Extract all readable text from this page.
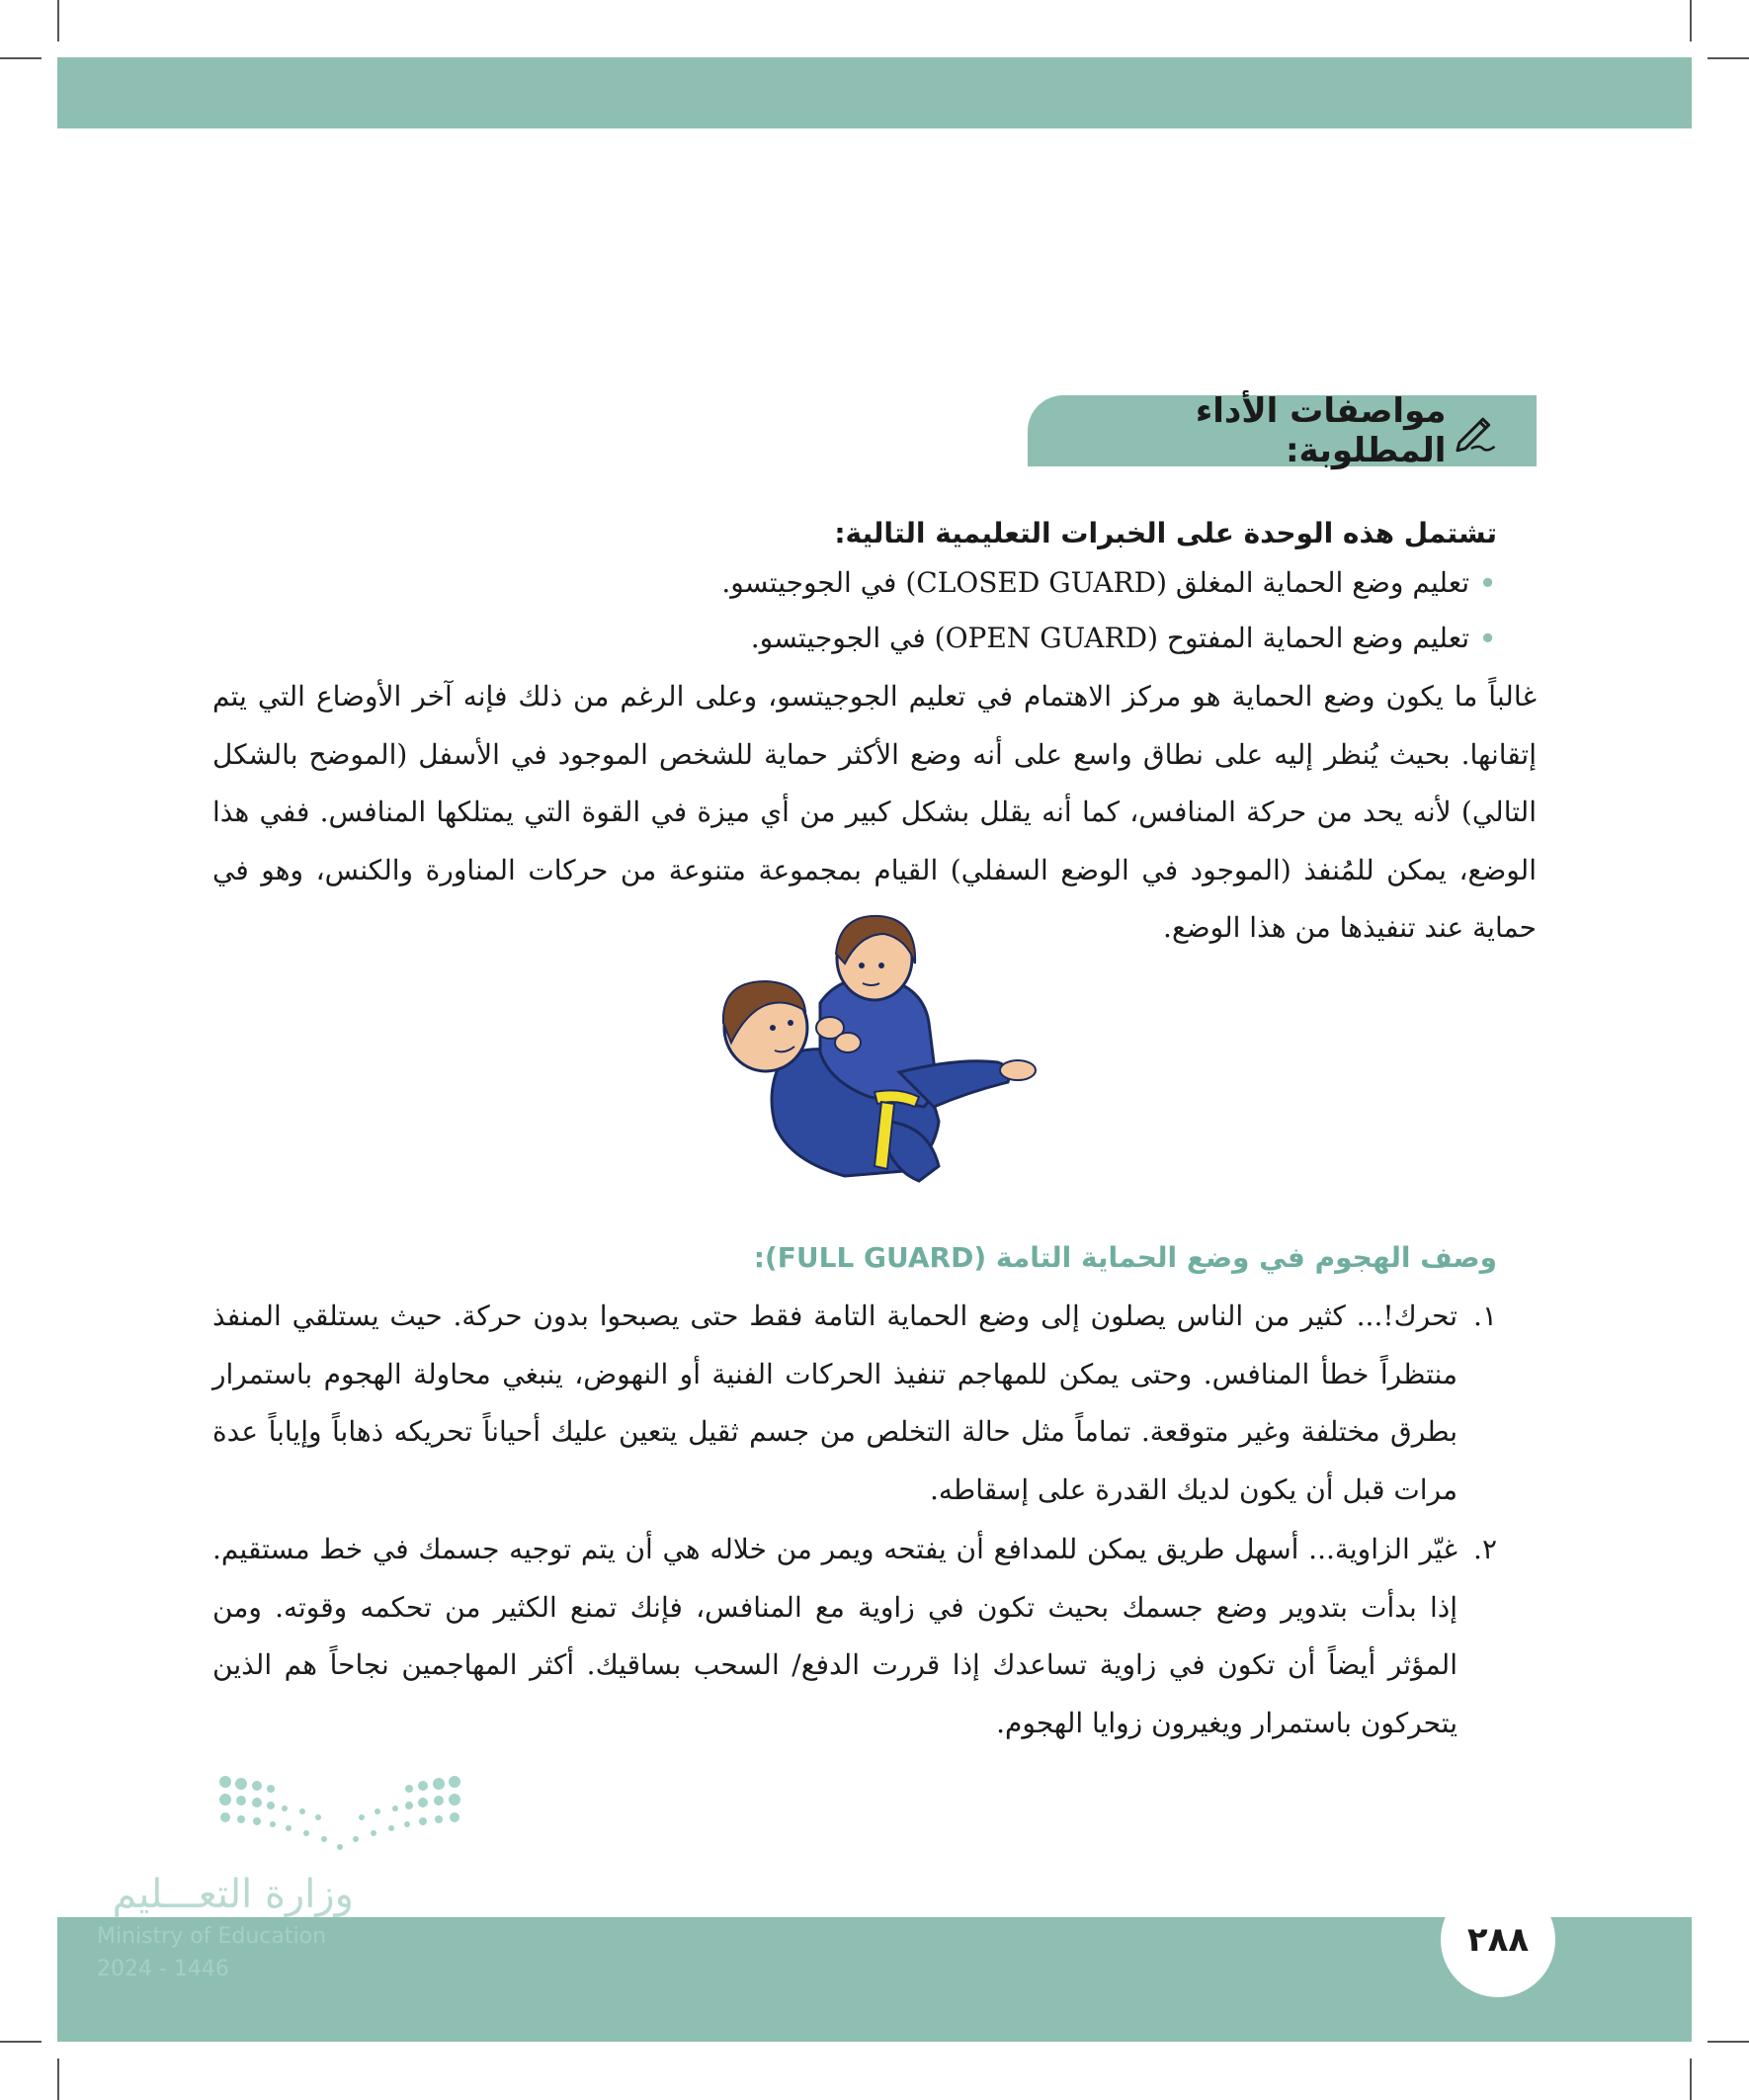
مواصفات الأداء المطلوبة:
تشتمل هذه الوحدة على الخبرات التعليمية التالية:
•
تعليم وضع الحماية المغلق (CLOSED GUARD) في الجوجيتسو.
•
تعليم وضع الحماية المفتوح (OPEN GUARD) في الجوجيتسو.
غالباً ما يكون وضع الحماية هو مركز الاهتمام في تعليم الجوجيتسو، وعلى الرغم من ذلك فإنه آخر الأوضاع التي يتم إتقانها. بحيث يُنظر إليه على نطاق واسع على أنه وضع الأكثر حماية للشخص الموجود في الأسفل (الموضح بالشكل التالي) لأنه يحد من حركة المنافس، كما أنه يقلل بشكل كبير من أي ميزة في القوة التي يمتلكها المنافس. ففي هذا الوضع، يمكن للمُنفذ (الموجود في الوضع السفلي) القيام بمجموعة متنوعة من حركات المناورة والكنس، وهو في حماية عند تنفيذها من هذا الوضع.
وصف الهجوم في وضع الحماية التامة (FULL GUARD):
١.
تحرك!... كثير من الناس يصلون إلى وضع الحماية التامة فقط حتى يصبحوا بدون حركة. حيث يستلقي المنفذ منتظراً خطأ المنافس. وحتى يمكن للمهاجم تنفيذ الحركات الفنية أو النهوض، ينبغي محاولة الهجوم باستمرار بطرق مختلفة وغير متوقعة. تماماً مثل حالة التخلص من جسم ثقيل يتعين عليك أحياناً تحريكه ذهاباً وإياباً عدة مرات قبل أن يكون لديك القدرة على إسقاطه.
٢.
غيّر الزاوية... أسهل طريق يمكن للمدافع أن يفتحه ويمر من خلاله هي أن يتم توجيه جسمك في خط مستقيم. إذا بدأت بتدوير وضع جسمك بحيث تكون في زاوية مع المنافس، فإنك تمنع الكثير من تحكمه وقوته. ومن المؤثر أيضاً أن تكون في زاوية تساعدك إذا قررت الدفع/ السحب بساقيك. أكثر المهاجمين نجاحاً هم الذين يتحركون باستمرار ويغيرون زوايا الهجوم.
وزارة التعـــليم
Ministry of Education
2024 - 1446
٢٨٨
